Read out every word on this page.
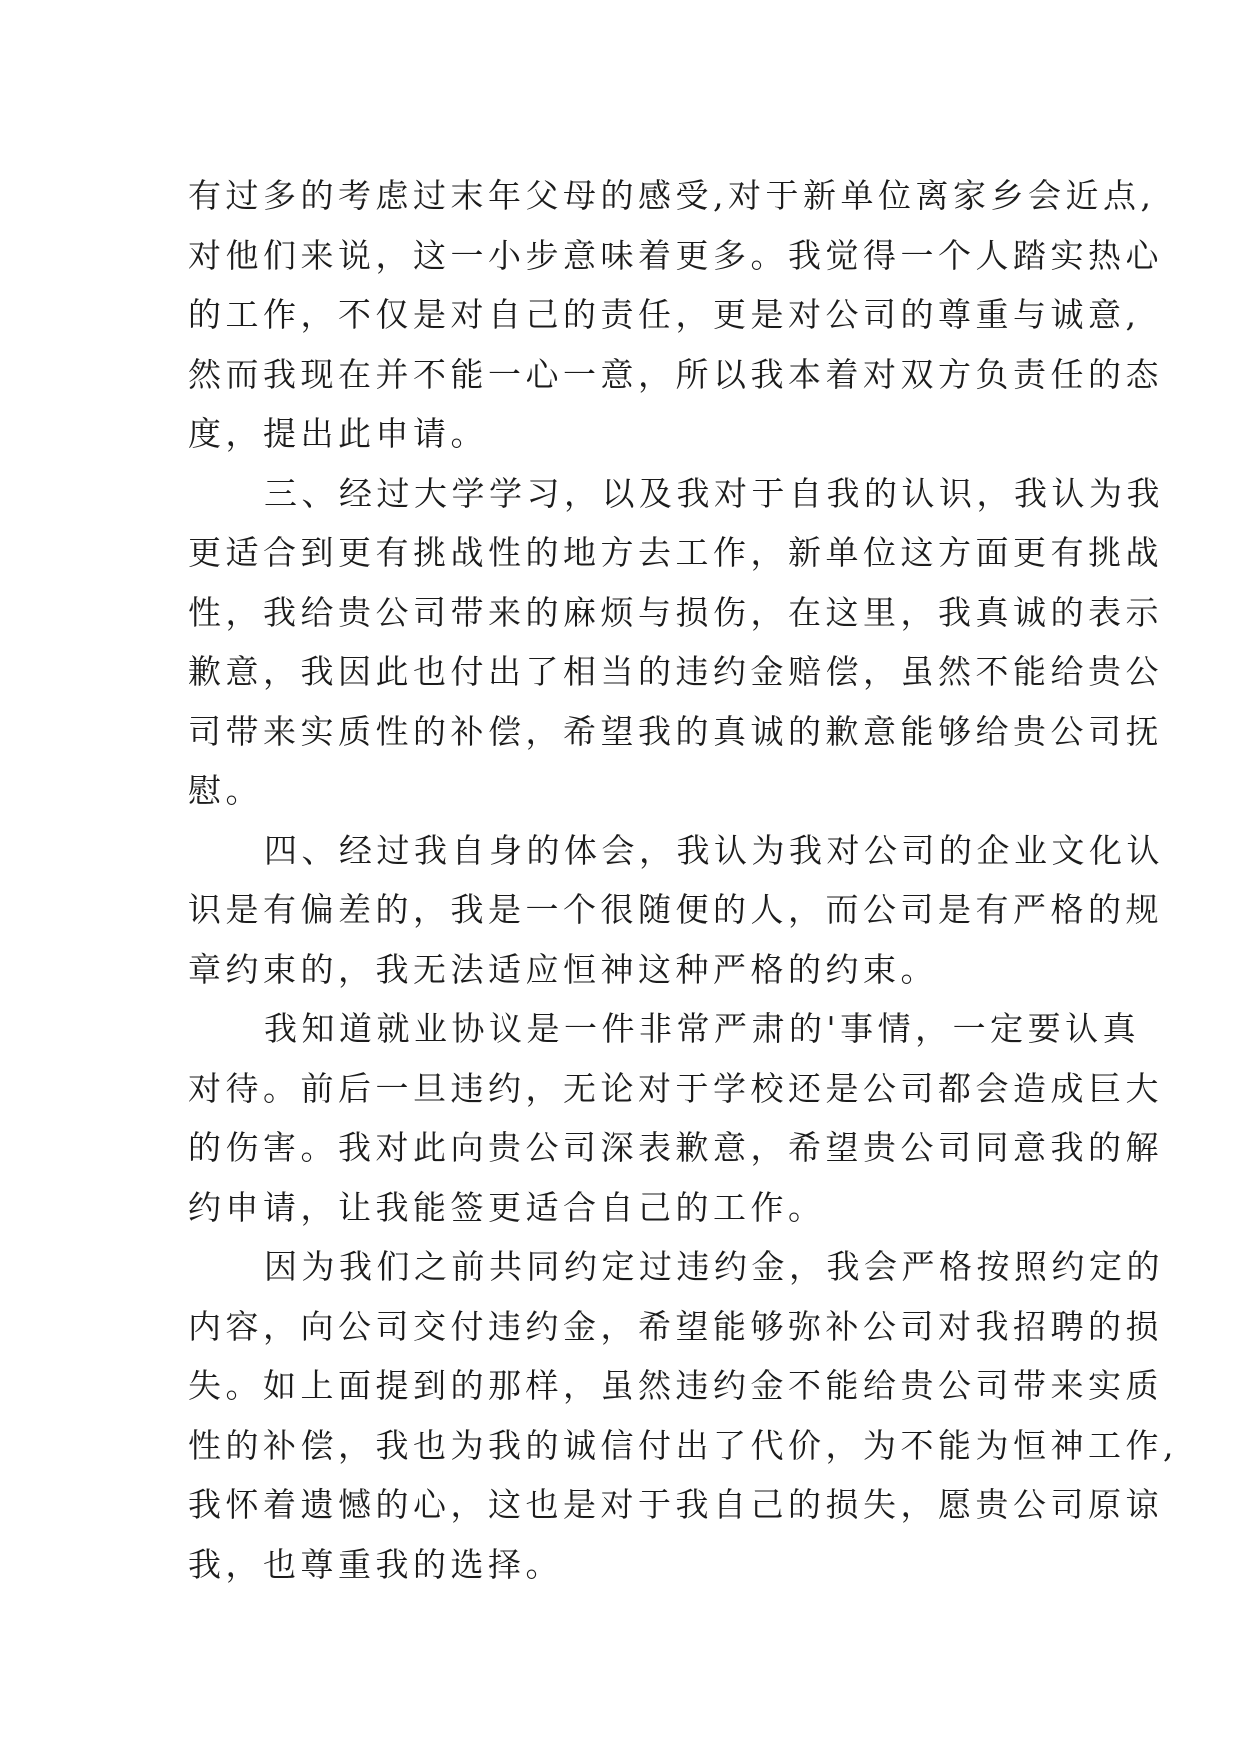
有过多的考虑过末年父母的感受,对于新单位离家乡会近点,
对他们来说，这一小步意味着更多。我觉得一个人踏实热心
的工作，不仅是对自己的责任，更是对公司的尊重与诚意,
然而我现在并不能一心一意，所以我本着对双方负责任的态
度，提出此申请。
三、经过大学学习，以及我对于自我的认识，我认为我
更适合到更有挑战性的地方去工作，新单位这方面更有挑战
性，我给贵公司带来的麻烦与损伤，在这里，我真诚的表示
歉意，我因此也付出了相当的违约金赔偿，虽然不能给贵公
司带来实质性的补偿，希望我的真诚的歉意能够给贵公司抚
慰。
四、经过我自身的体会，我认为我对公司的企业文化认
识是有偏差的，我是一个很随便的人，而公司是有严格的规
章约束的，我无法适应恒神这种严格的约束。
我知道就业协议是一件非常严肃的'事情，一定要认真
对待。前后一旦违约，无论对于学校还是公司都会造成巨大
的伤害。我对此向贵公司深表歉意，希望贵公司同意我的解
约申请，让我能签更适合自己的工作。
因为我们之前共同约定过违约金，我会严格按照约定的
内容，向公司交付违约金，希望能够弥补公司对我招聘的损
失。如上面提到的那样，虽然违约金不能给贵公司带来实质
性的补偿，我也为我的诚信付出了代价，为不能为恒神工作,
我怀着遗憾的心，这也是对于我自己的损失，愿贵公司原谅
我，也尊重我的选择。
